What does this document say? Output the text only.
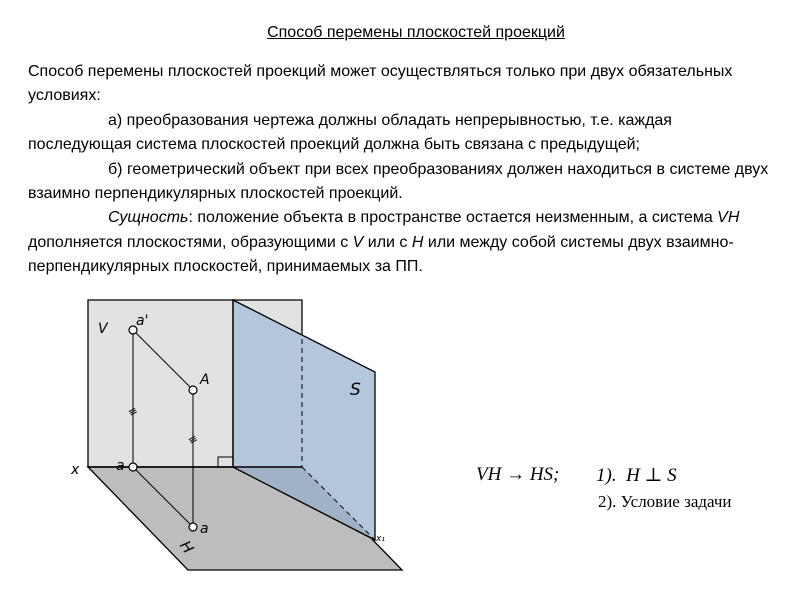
Способ перемены плоскостей проекций

Способ перемены плоскостей проекций может осуществляться только при двух обязательных условиях:

а) преобразования чертежа должны обладать непрерывностью, т.е. каждая последующая система плоскостей проекций должна быть связана с предыдущей;

б) геометрический объект при всех преобразованиях должен находиться в системе двух взаимно перпендикулярных плоскостей проекций.

Сущность: положение объекта в пространстве остается неизменным, а система VH дополняется плоскостями, образующими с V или с H или между собой системы двух взаимно-перпендикулярных плоскостей, принимаемых за ПП.

V a'
A	S
x	a
a
H	x₁
≡
≡
VH → HS; 1).  H ⊥ S
2). Условие задачи
